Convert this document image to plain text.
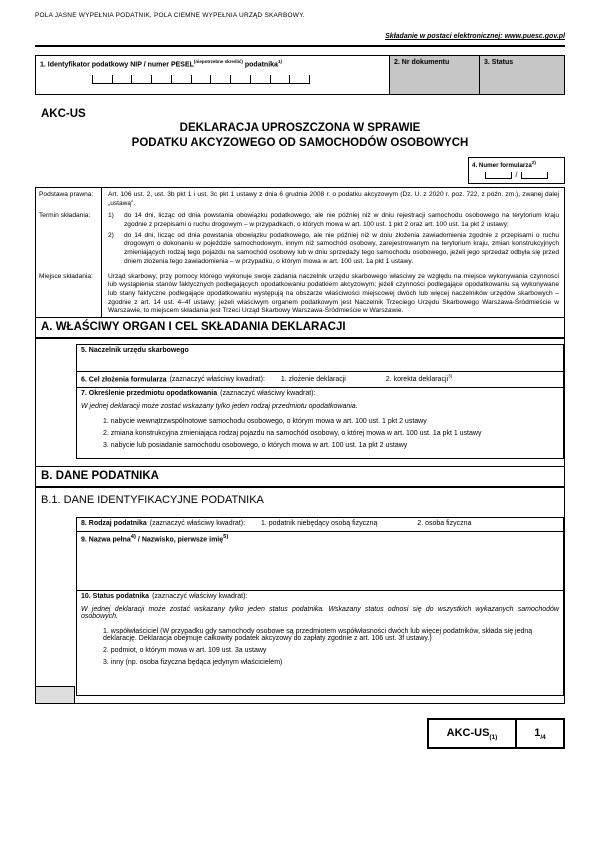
POLA JASNE WYPEŁNIA PODATNIK, POLA CIEMNE WYPEŁNIA URZĄD SKARBOWY.
Składanie w postaci elektronicznej: www.puesc.gov.pl
1. Identyfikator podatkowy NIP / numer $PESEL^{(niepotrzebne skreślić)}$ podatnika$^{1)}$	2. Nr dokumentu	3. Status
AKC-US
DEKLARACJA UPROSZCZONA W SPRAWIE
PODATKU AKCYZOWEGO OD SAMOCHODÓW OSOBOWYCH
4. Numer formularza$^{2)}$
/
Podstawa prawna:	Art. 106 ust. 2, ust. 3b pkt 1 i ust. 3c pkt 1 ustawy z dnia 6 grudnia 2008 r. o podatku akcyzowym (Dz. U. z 2020 r. poz. 722, z późn. zm.), zwanej dalej „ustawą”.
Termin składania:	1)	do 14 dni, licząc od dnia powstania obowiązku podatkowego, ale nie później niż w dniu rejestracji samochodu osobowego na terytorium kraju zgodnie z przepisami o ruchu drogowym – w przypadkach, o których mowa w art. 100 ust. 1 pkt 2 oraz art. 100 ust. 1a pkt 2 ustawy;
2)	do 14 dni, licząc od dnia powstania obowiązku podatkowego, ale nie później niż w dniu złożenia zawiadomienia zgodnie z przepisami o ruchu drogowym o dokonaniu w pojeździe samochodowym, innym niż samochód osobowy, zarejestrowanym na terytorium kraju, zmian konstrukcyjnych zmieniających rodzaj tego pojazdu na samochód osobowy lub w dniu sprzedaży tego samochodu osobowego, jeżeli jego sprzedaż odbyła się przed dniem złożenia tego zawiadomienia – w przypadku, o którym mowa w art. 100 ust. 1a pkt 1 ustawy.
Miejsce składania:	Urząd skarbowy, przy pomocy którego wykonuje swoje zadania naczelnik urzędu skarbowego właściwy ze względu na miejsce wykonywania czynności lub wystąpienia stanów faktycznych podlegających opodatkowaniu podatkiem akcyzowym; jeżeli czynności podlegające opodatkowaniu są wykonywane lub stany faktyczne podlegające opodatkowaniu występują na obszarze właściwości miejscowej dwóch lub więcej naczelników urzędów skarbowych – zgodnie z art. 14 ust. 4–4f ustawy; jeżeli właściwym organem podatkowym jest Naczelnik Trzeciego Urzędu Skarbowego Warszawa-Śródmieście w Warszawie, to miejscem składania jest Trzeci Urząd Skarbowy Warszawa-Śródmieście w Warszawie.
A. WŁAŚCIWY ORGAN I CEL SKŁADANIA DEKLARACJI
5. Naczelnik urzędu skarbowego
6. Cel złożenia formularza (zaznaczyć właściwy kwadrat): 1. złożenie deklaracji	2. korekta deklaracji$^{3)}$
7. Określenie przedmiotu opodatkowania (zaznaczyć właściwy kwadrat):
W jednej deklaracji może zostać wskazany tylko jeden rodzaj przedmiotu opodatkowania.
1. nabycie wewnątrzwspólnotowe samochodu osobowego, o którym mowa w art. 100 ust. 1 pkt 2 ustawy
2. zmiana konstrukcyjna zmieniająca rodzaj pojazdu na samochód osobowy, o której mowa w art. 100 ust. 1a pkt 1 ustawy
3. nabycie lub posiadanie samochodu osobowego, o których mowa w art. 100 ust. 1a pkt 2 ustawy
B. DANE PODATNIKA
B.1. DANE IDENTYFIKACYJNE PODATNIKA
8. Rodzaj podatnika (zaznaczyć właściwy kwadrat): 1. podatnik niebędący osobą fizyczną	2. osoba fizyczna
9. Nazwa pełna$^{4)}$ / Nazwisko, pierwsze imię$^{5)}$
10. Status podatnika (zaznaczyć właściwy kwadrat):
W jednej deklaracji może zostać wskazany tylko jeden status podatnika. Wskazany status odnosi się do wszystkich wykazanych samochodów osobowych.
1. współwłaściciel (W przypadku gdy samochody osobowe są przedmiotem współwłasności dwóch lub więcej podatników, składa się jedną deklarację. Deklaracja obejmuje całkowity podatek akcyzowy do zapłaty zgodnie z art. 106 ust. 3f ustawy.)
2. podmiot, o którym mowa w art. 109 ust. 3a ustawy
3. inny (np. osoba fizyczna będąca jedynym właścicielem)
AKC-$US_{(1)}$	$1_{/4}$
